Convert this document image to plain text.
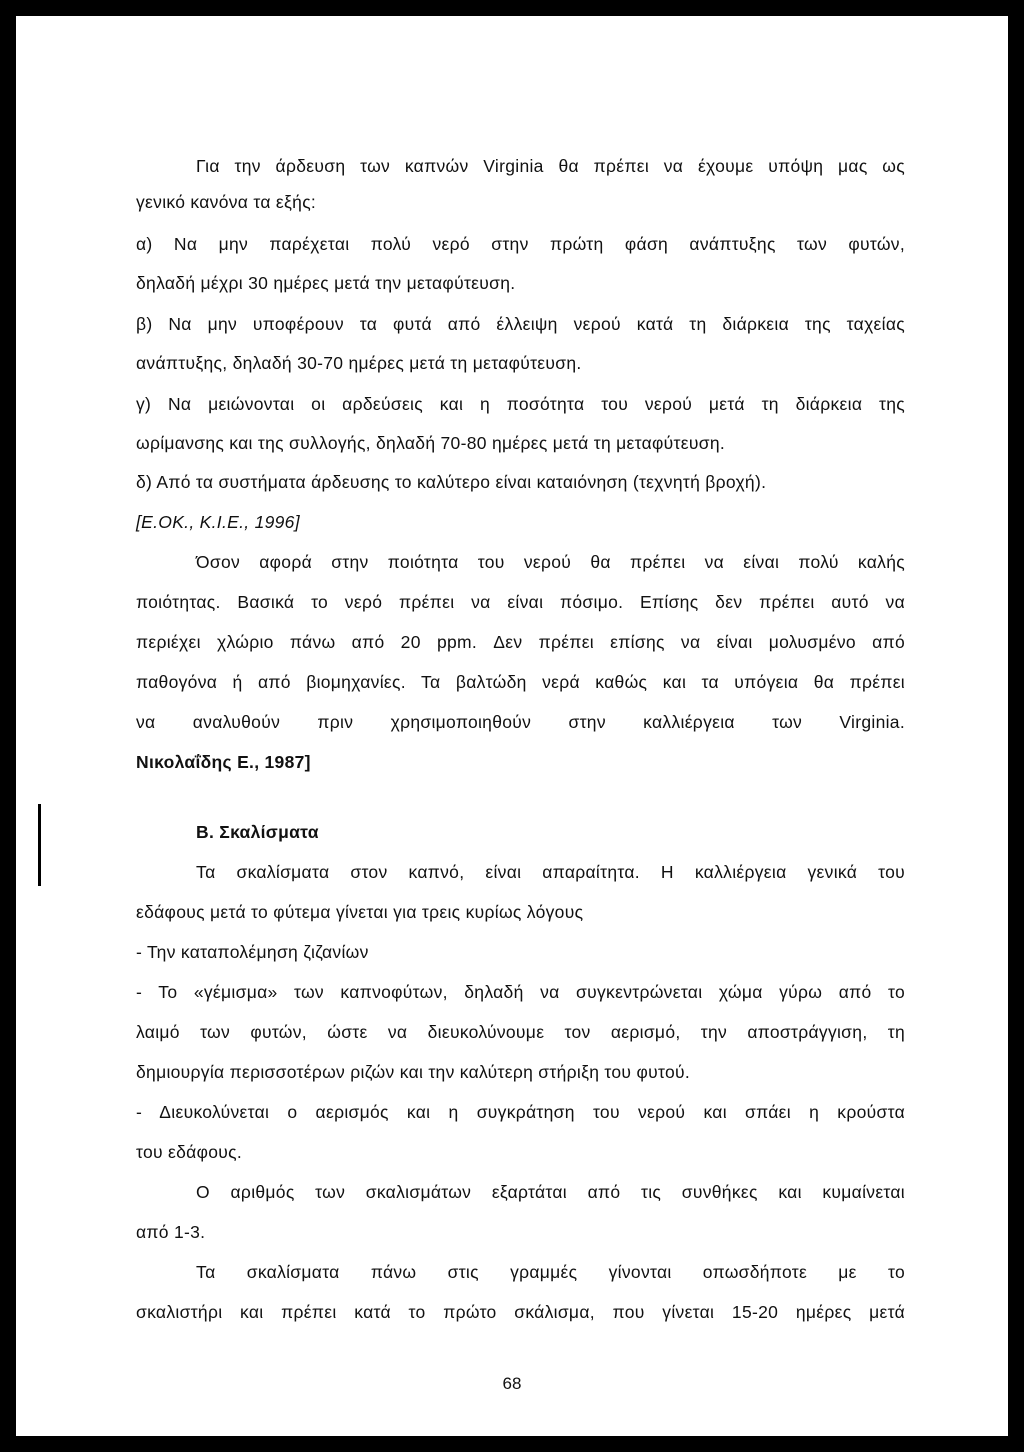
Για την άρδευση των καπνών Virginia θα πρέπει να έχουμε υπόψη μας ως
γενικό κανόνα τα εξής:
α) Να μην παρέχεται πολύ νερό στην πρώτη φάση ανάπτυξης των φυτών,
δηλαδή μέχρι 30 ημέρες μετά την μεταφύτευση.
β) Να μην υποφέρουν τα φυτά από έλλειψη νερού κατά τη διάρκεια της ταχείας
ανάπτυξης, δηλαδή 30-70 ημέρες μετά τη μεταφύτευση.
γ) Να μειώνονται οι αρδεύσεις και η ποσότητα του νερού μετά τη διάρκεια της
ωρίμανσης και της συλλογής, δηλαδή 70-80 ημέρες μετά τη μεταφύτευση.
δ) Από τα συστήματα άρδευσης το καλύτερο είναι καταιόνηση (τεχνητή βροχή).
[Ε.ΟΚ., Κ.Ι.Ε., 1996]
Όσον αφορά στην ποιότητα του νερού θα πρέπει να είναι πολύ καλής
ποιότητας. Βασικά το νερό πρέπει να είναι πόσιμο. Επίσης δεν πρέπει αυτό να
περιέχει χλώριο πάνω από 20 ppm. Δεν πρέπει επίσης να είναι μολυσμένο από
παθογόνα ή από βιομηχανίες. Τα βαλτώδη νερά καθώς και τα υπόγεια θα πρέπει
να αναλυθούν πριν χρησιμοποιηθούν στην καλλιέργεια των Virginia.
Νικολαΐδης Ε., 1987]
Β. Σκαλίσματα
Τα σκαλίσματα στον καπνό, είναι απαραίτητα. Η καλλιέργεια γενικά του
εδάφους μετά το φύτεμα γίνεται για τρεις κυρίως λόγους
- Την καταπολέμηση ζιζανίων
- Το «γέμισμα» των καπνοφύτων, δηλαδή να συγκεντρώνεται χώμα γύρω από το
λαιμό των φυτών, ώστε να διευκολύνουμε τον αερισμό, την αποστράγγιση, τη
δημιουργία περισσοτέρων ριζών και την καλύτερη στήριξη του φυτού.
- Διευκολύνεται ο αερισμός και η συγκράτηση του νερού και σπάει η κρούστα
του εδάφους.
Ο αριθμός των σκαλισμάτων εξαρτάται από τις συνθήκες και κυμαίνεται
από 1-3.
Τα σκαλίσματα πάνω στις γραμμές γίνονται οπωσδήποτε με το
σκαλιστήρι και πρέπει κατά το πρώτο σκάλισμα, που γίνεται 15-20 ημέρες μετά
68
